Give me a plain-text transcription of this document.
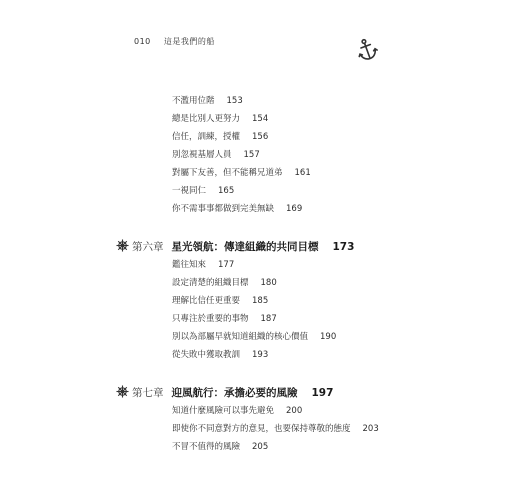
010 這是我們的船
不濫用位階 153
總是比別人更努力 154
信任，訓練，授權 156
別忽視基層人員 157
對屬下友善，但不能稱兄道弟 161
一視同仁 165
你不需事事都做到完美無缺 169
第六章 星光領航：傳達組織的共同目標 173
鑑往知來 177
設定清楚的組織目標 180
理解比信任更重要 185
只專注於重要的事物 187
別以為部屬早就知道組織的核心價值 190
從失敗中獲取教訓 193
第七章 迎風航行：承擔必要的風險 197
知道什麼風險可以事先避免 200
即使你不同意對方的意見，也要保持尊敬的態度 203
不冒不值得的風險 205
